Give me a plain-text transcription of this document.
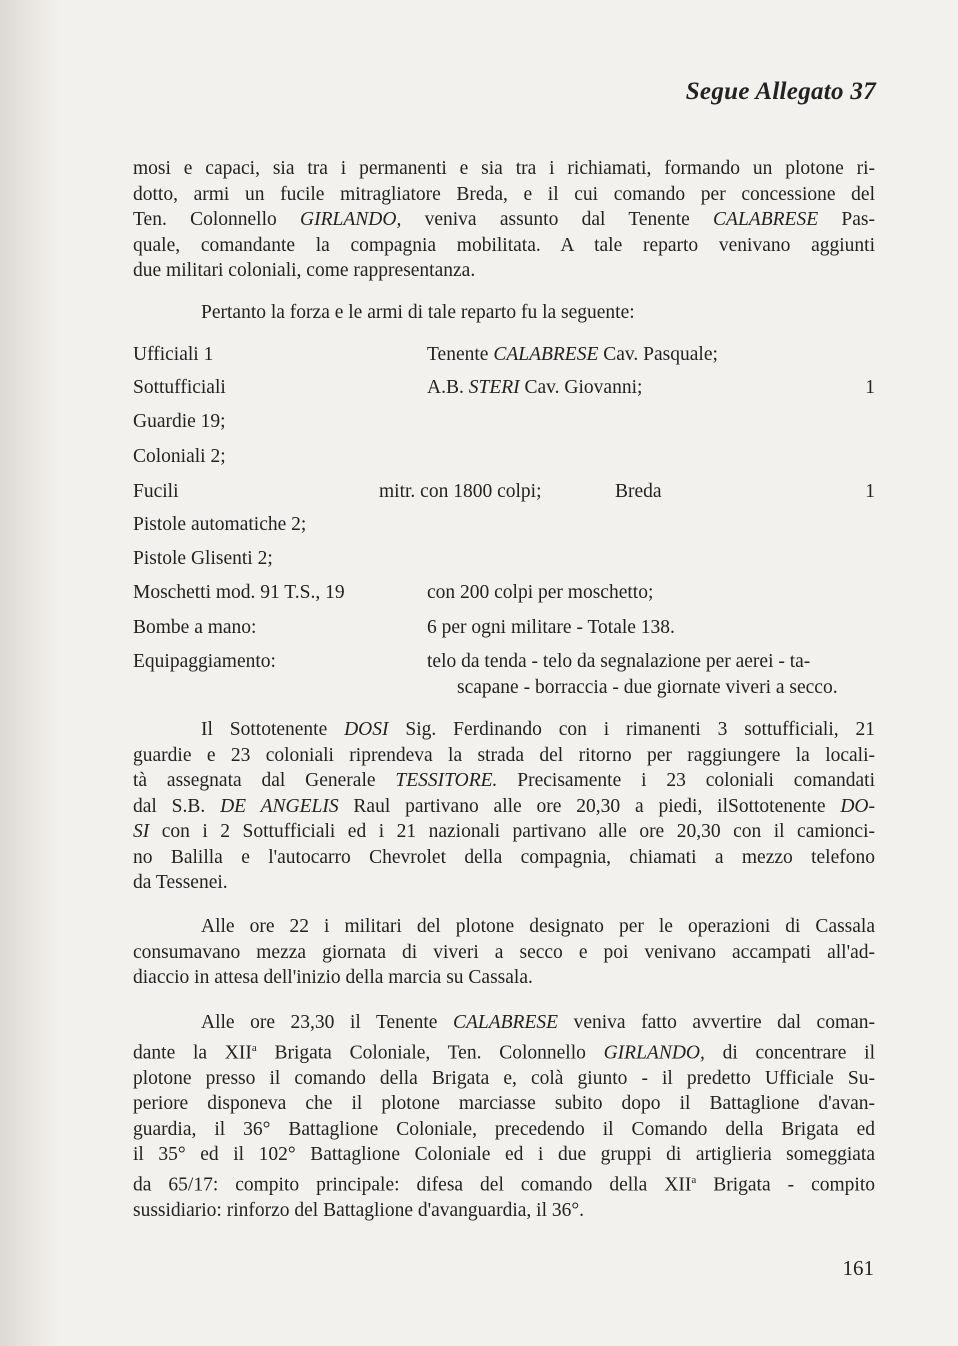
Segue Allegato 37
mosi e capaci, sia tra i permanenti e sia tra i richiamati, formando un plotone ri-
dotto, armi un fucile mitragliatore Breda, e il cui comando per concessione del
Ten. Colonnello GIRLANDO, veniva assunto dal Tenente CALABRESE Pas-
quale, comandante la compagnia mobilitata. A tale reparto venivano aggiunti
due militari coloniali, come rappresentanza.
Pertanto la forza e le armi di tale reparto fu la seguente:
Ufficiali 1	Tenente CALABRESE Cav. Pasquale;
Sottufficiali	A.B. STERI Cav. Giovanni;	1
Guardie 19;
Coloniali 2;
Fucili	mitr. con 1800 colpi;	Breda	1
Pistole automatiche 2;
Pistole Glisenti 2;
Moschetti mod. 91 T.S., 19	con 200 colpi per moschetto;
Bombe a mano:	6 per ogni militare - Totale 138.
Equipaggiamento:	telo da tenda - telo da segnalazione per aerei - ta-
scapane - borraccia - due giornate viveri a secco.
Il Sottotenente DOSI Sig. Ferdinando con i rimanenti 3 sottufficiali, 21
guardie e 23 coloniali riprendeva la strada del ritorno per raggiungere la locali-
tà assegnata dal Generale TESSITORE. Precisamente i 23 coloniali comandati
dal S.B. DE ANGELIS Raul partivano alle ore 20,30 a piedi, ilSottotenente DO-
SI con i 2 Sottufficiali ed i 21 nazionali partivano alle ore 20,30 con il camionci-
no Balilla e l'autocarro Chevrolet della compagnia, chiamati a mezzo telefono
da Tessenei.
Alle ore 22 i militari del plotone designato per le operazioni di Cassala
consumavano mezza giornata di viveri a secco e poi venivano accampati all'ad-
diaccio in attesa dell'inizio della marcia su Cassala.
Alle ore 23,30 il Tenente CALABRESE veniva fatto avvertire dal coman-
dante la XII$^a$ Brigata Coloniale, Ten. Colonnello GIRLANDO, di concentrare il
plotone presso il comando della Brigata e, colà giunto - il predetto Ufficiale Su-
periore disponeva che il plotone marciasse subito dopo il Battaglione d'avan-
guardia, il 36° Battaglione Coloniale, precedendo il Comando della Brigata ed
il 35° ed il 102° Battaglione Coloniale ed i due gruppi di artiglieria someggiata
da 65/17: compito principale: difesa del comando della XII$^a$ Brigata - compito
sussidiario: rinforzo del Battaglione d'avanguardia, il 36°.
161
